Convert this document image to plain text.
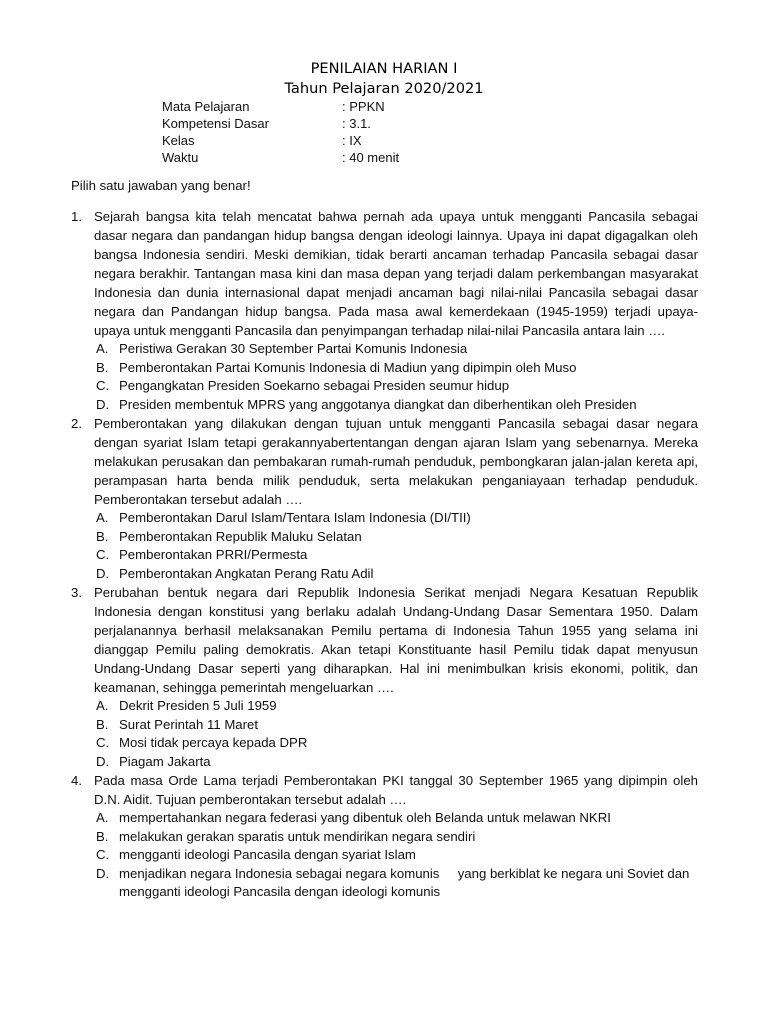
PENILAIAN HARIAN I
Tahun Pelajaran 2020/2021
Mata Pelajaran	: PPKN
Kompetensi Dasar	: 3.1.
Kelas	: IX
Waktu	: 40 menit
Pilih satu jawaban yang benar!
1. Sejarah bangsa kita telah mencatat bahwa pernah ada upaya untuk mengganti Pancasila sebagai dasar negara dan pandangan hidup bangsa dengan ideologi lainnya. Upaya ini dapat digagalkan oleh bangsa Indonesia sendiri. Meski demikian, tidak berarti ancaman terhadap Pancasila sebagai dasar negara berakhir. Tantangan masa kini dan masa depan yang terjadi dalam perkembangan masyarakat Indonesia dan dunia internasional dapat menjadi ancaman bagi nilai-nilai Pancasila sebagai dasar negara dan Pandangan hidup bangsa. Pada masa awal kemerdekaan (1945-1959) terjadi upaya-upaya untuk mengganti Pancasila dan penyimpangan terhadap nilai-nilai Pancasila antara lain ….
A. Peristiwa Gerakan 30 September Partai Komunis Indonesia
B. Pemberontakan Partai Komunis Indonesia di Madiun yang dipimpin oleh Muso
C. Pengangkatan Presiden Soekarno sebagai Presiden seumur hidup
D. Presiden membentuk MPRS yang anggotanya diangkat dan diberhentikan oleh Presiden
2. Pemberontakan yang dilakukan dengan tujuan untuk mengganti Pancasila sebagai dasar negara dengan syariat Islam tetapi gerakannyabertentangan dengan ajaran Islam yang sebenarnya. Mereka melakukan perusakan dan pembakaran rumah-rumah penduduk, pembongkaran jalan-jalan kereta api, perampasan harta benda milik penduduk, serta melakukan penganiayaan terhadap penduduk. Pemberontakan tersebut adalah ….
A. Pemberontakan Darul Islam/Tentara Islam Indonesia (DI/TII)
B. Pemberontakan Republik Maluku Selatan
C. Pemberontakan PRRI/Permesta
D. Pemberontakan Angkatan Perang Ratu Adil
3. Perubahan bentuk negara dari Republik Indonesia Serikat menjadi Negara Kesatuan Republik Indonesia dengan konstitusi yang berlaku adalah Undang-Undang Dasar Sementara 1950. Dalam perjalanannya berhasil melaksanakan Pemilu pertama di Indonesia Tahun 1955 yang selama ini dianggap Pemilu paling demokratis. Akan tetapi Konstituante hasil Pemilu tidak dapat menyusun Undang-Undang Dasar seperti yang diharapkan. Hal ini menimbulkan krisis ekonomi, politik, dan keamanan, sehingga pemerintah mengeluarkan ….
A. Dekrit Presiden 5 Juli 1959
B. Surat Perintah 11 Maret
C. Mosi tidak percaya kepada DPR
D. Piagam Jakarta
4. Pada masa Orde Lama terjadi Pemberontakan PKI tanggal 30 September 1965 yang dipimpin oleh D.N. Aidit. Tujuan pemberontakan tersebut adalah ….
A. mempertahankan negara federasi yang dibentuk oleh Belanda untuk melawan NKRI
B. melakukan gerakan sparatis untuk mendirikan negara sendiri
C. mengganti ideologi Pancasila dengan syariat Islam
D. menjadikan negara Indonesia sebagai negara komunis     yang berkiblat ke negara uni Soviet dan mengganti ideologi Pancasila dengan ideologi komunis
